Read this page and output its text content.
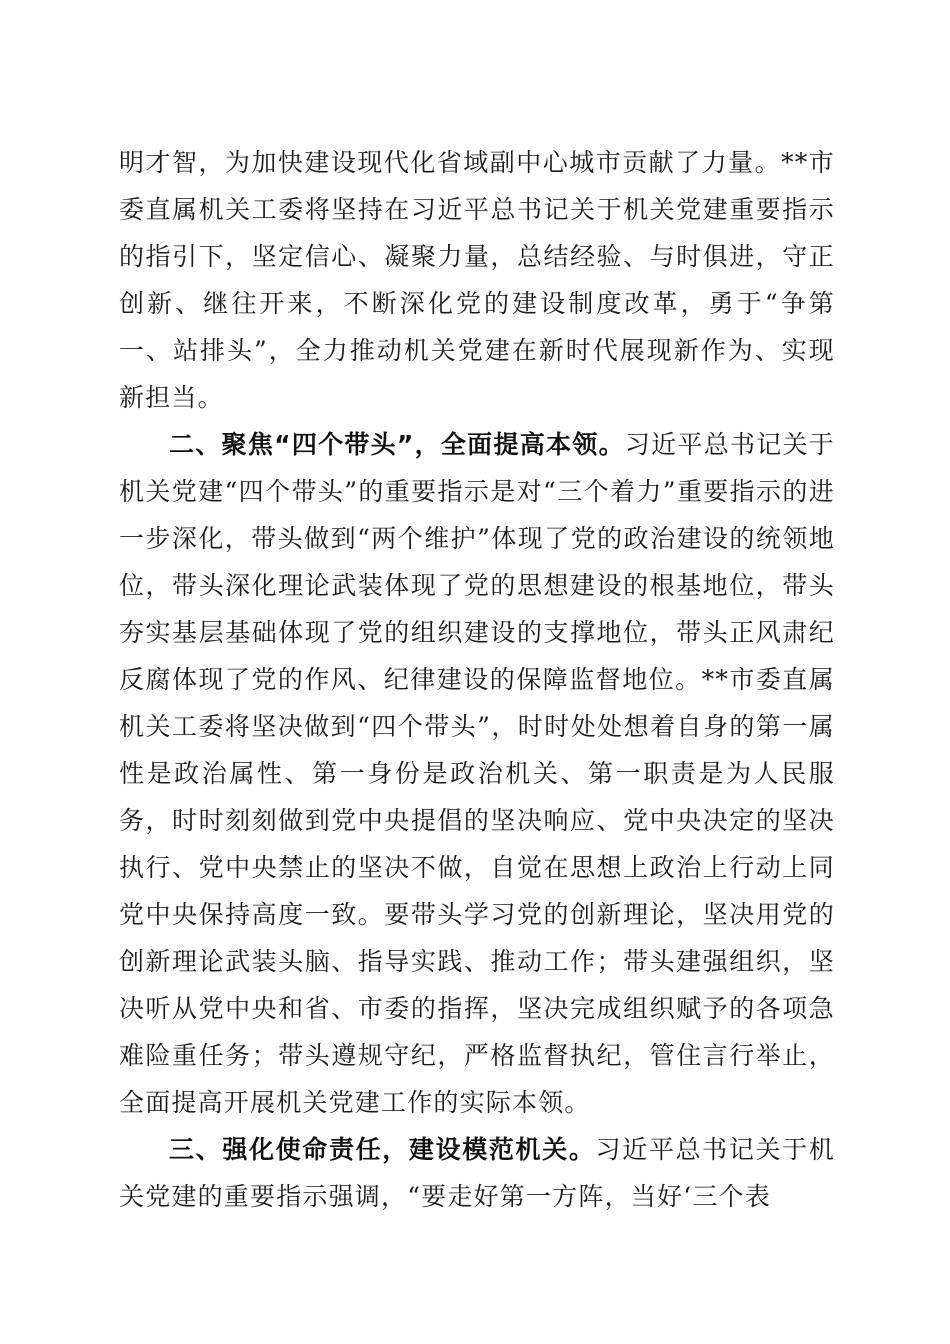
明才智，为加快建设现代化省域副中心城市贡献了力量。**市委直属机关工委将坚持在习近平总书记关于机关党建重要指示的指引下，坚定信心、凝聚力量，总结经验、与时俱进，守正创新、继往开来，不断深化党的建设制度改革，勇于“争第一、站排头”，全力推动机关党建在新时代展现新作为、实现新担当。

二、聚焦“四个带头”，全面提高本领。习近平总书记关于机关党建“四个带头”的重要指示是对“三个着力”重要指示的进一步深化，带头做到“两个维护”体现了党的政治建设的统领地位，带头深化理论武装体现了党的思想建设的根基地位，带头夯实基层基础体现了党的组织建设的支撑地位，带头正风肃纪反腐体现了党的作风、纪律建设的保障监督地位。**市委直属机关工委将坚决做到“四个带头”，时时处处想着自身的第一属性是政治属性、第一身份是政治机关、第一职责是为人民服务，时时刻刻做到党中央提倡的坚决响应、党中央决定的坚决执行、党中央禁止的坚决不做，自觉在思想上政治上行动上同党中央保持高度一致。要带头学习党的创新理论，坚决用党的创新理论武装头脑、指导实践、推动工作；带头建强组织，坚决听从党中央和省、市委的指挥，坚决完成组织赋予的各项急难险重任务；带头遵规守纪，严格监督执纪，管住言行举止，全面提高开展机关党建工作的实际本领。

三、强化使命责任，建设模范机关。习近平总书记关于机关党建的重要指示强调，“要走好第一方阵，当好‘三个表
